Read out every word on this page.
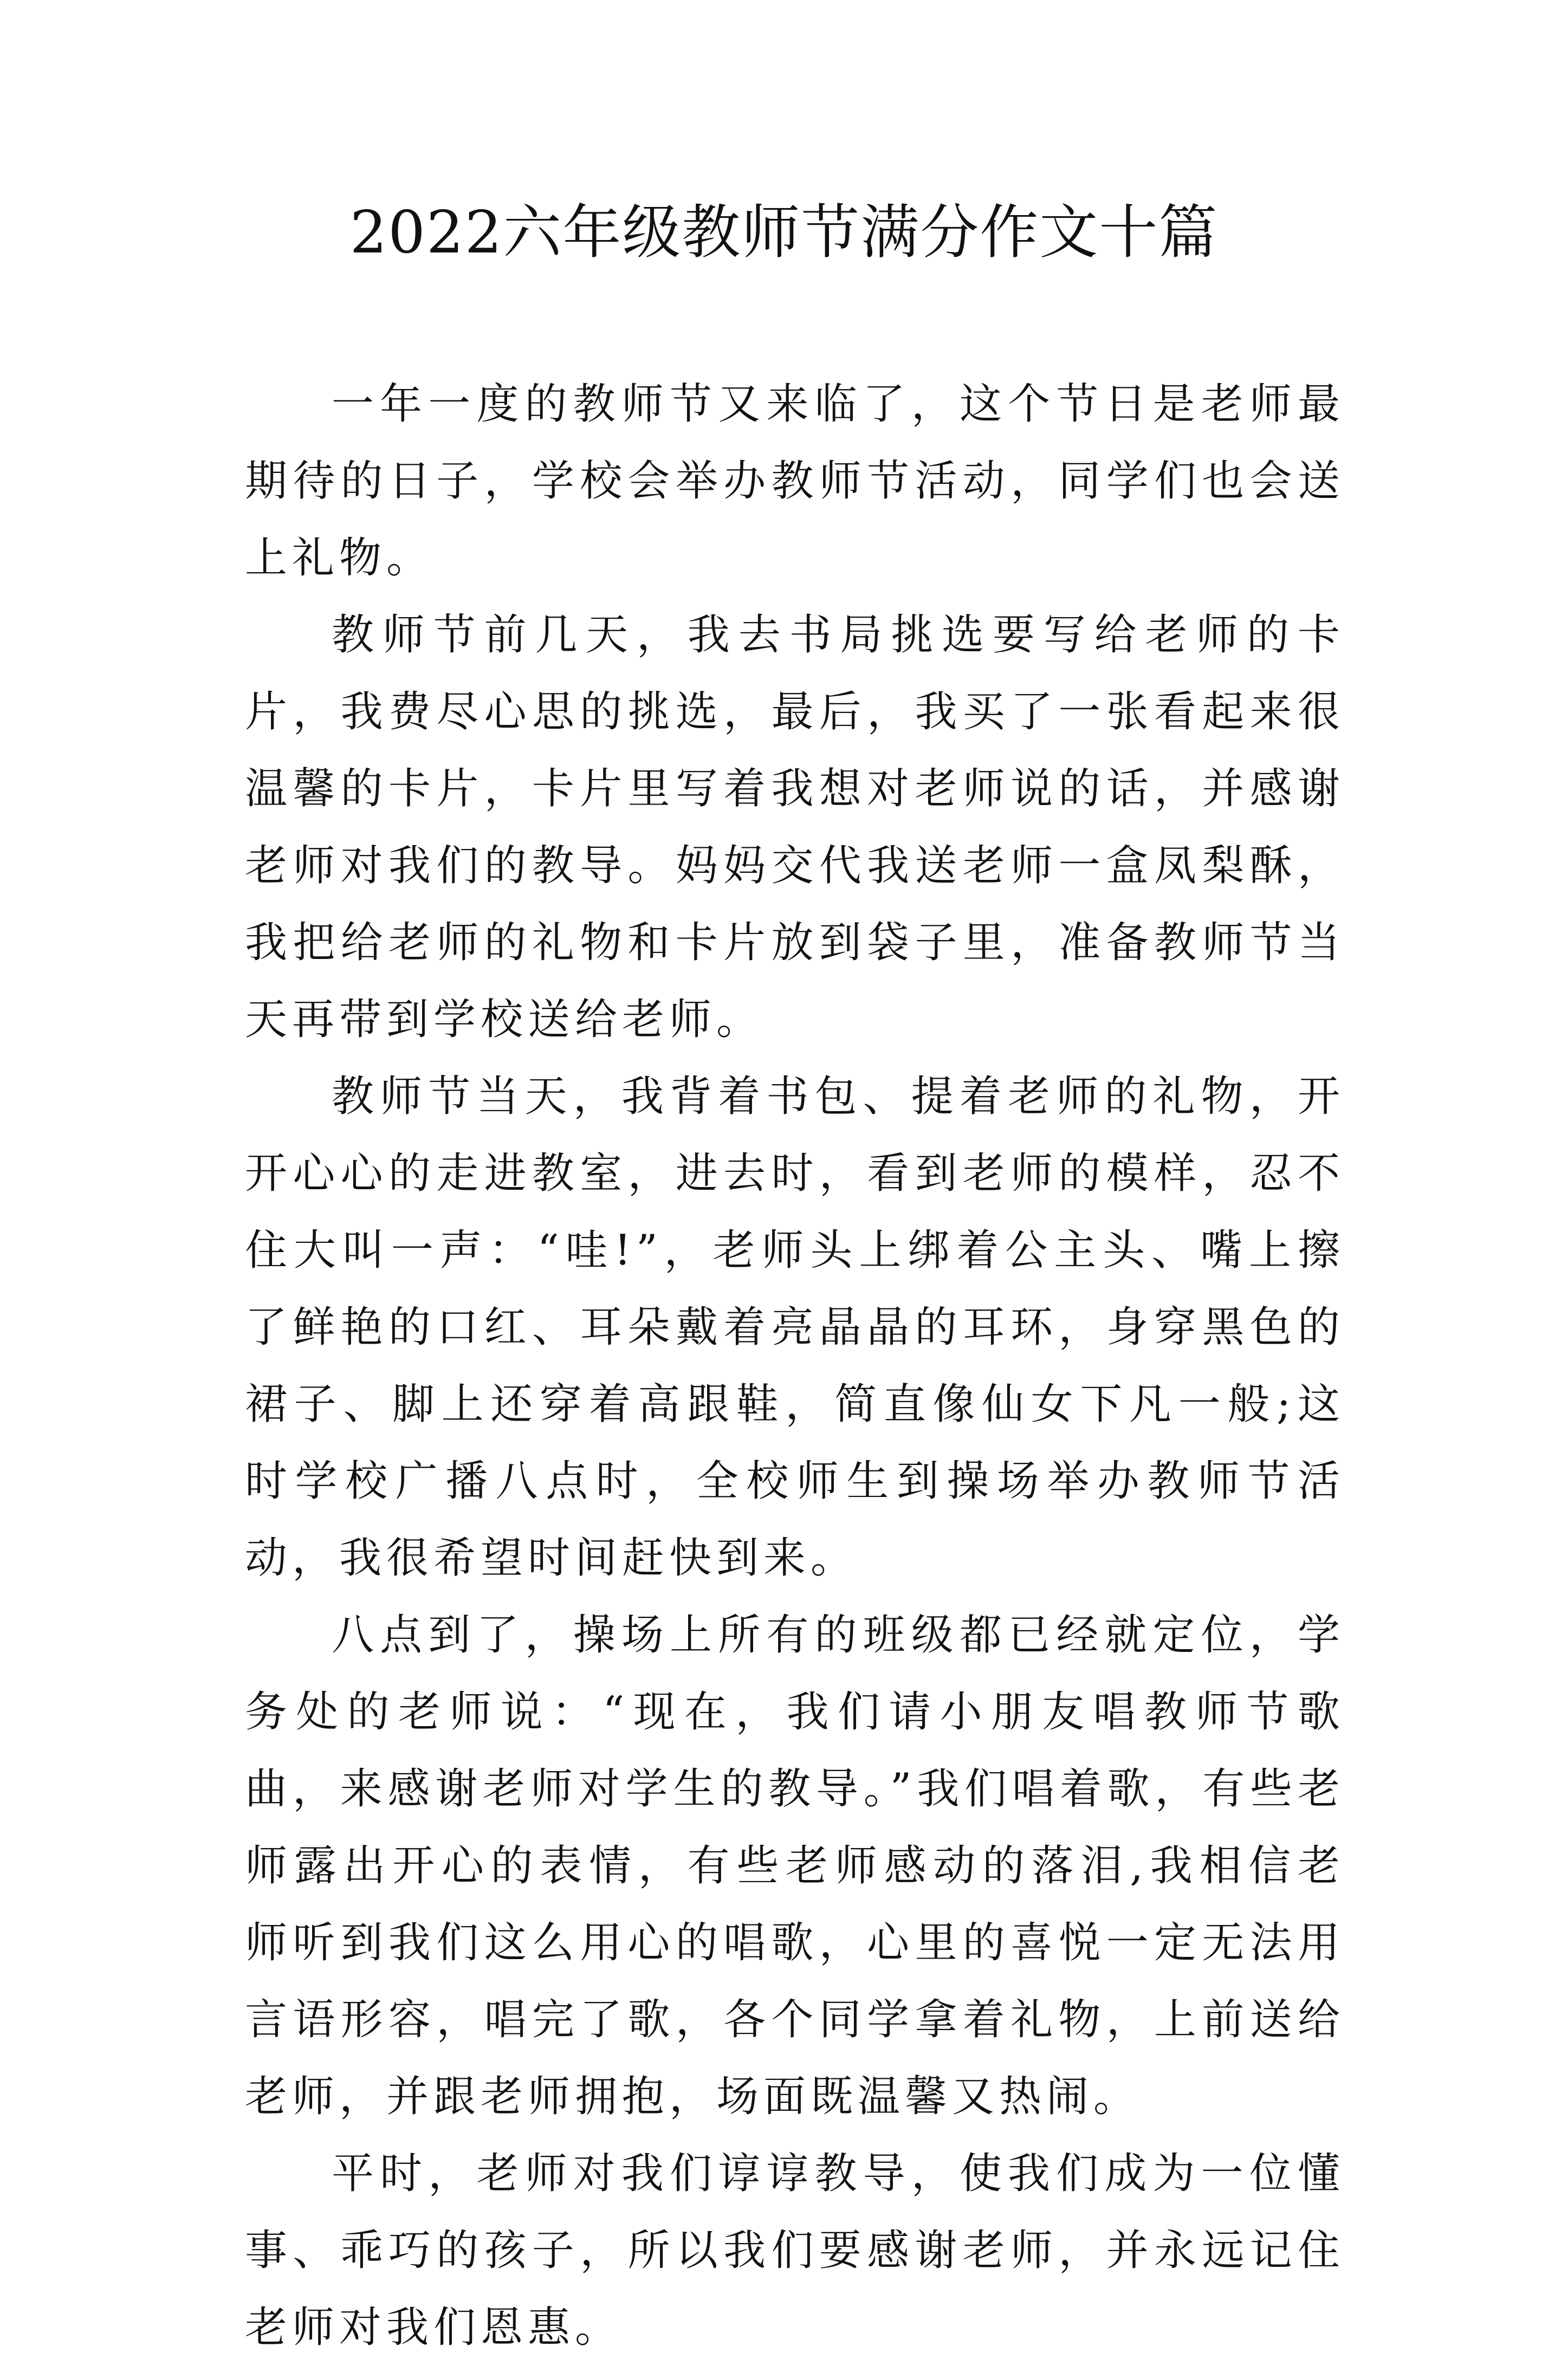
2022六年级教师节满分作文十篇

一年一度的教师节又来临了，这个节日是老师最期待的日子，学校会举办教师节活动，同学们也会送上礼物。

教师节前几天，我去书局挑选要写给老师的卡片，我费尽心思的挑选，最后，我买了一张看起来很温馨的卡片，卡片里写着我想对老师说的话，并感谢老师对我们的教导。妈妈交代我送老师一盒凤梨酥，我把给老师的礼物和卡片放到袋子里，准备教师节当天再带到学校送给老师。

教师节当天，我背着书包、提着老师的礼物，开开心心的走进教室，进去时，看到老师的模样，忍不住大叫一声：“哇!”，老师头上绑着公主头、嘴上擦了鲜艳的口红、耳朵戴着亮晶晶的耳环，身穿黑色的裙子、脚上还穿着高跟鞋，简直像仙女下凡一般;这时学校广播八点时，全校师生到操场举办教师节活动，我很希望时间赶快到来。

八点到了，操场上所有的班级都已经就定位，学务处的老师说：“现在，我们请小朋友唱教师节歌曲，来感谢老师对学生的教导。”我们唱着歌，有些老师露出开心的表情，有些老师感动的落泪,我相信老师听到我们这么用心的唱歌，心里的喜悦一定无法用言语形容，唱完了歌，各个同学拿着礼物，上前送给老师，并跟老师拥抱，场面既温馨又热闹。

平时，老师对我们谆谆教导，使我们成为一位懂事、乖巧的孩子，所以我们要感谢老师，并永远记住老师对我们恩惠。
